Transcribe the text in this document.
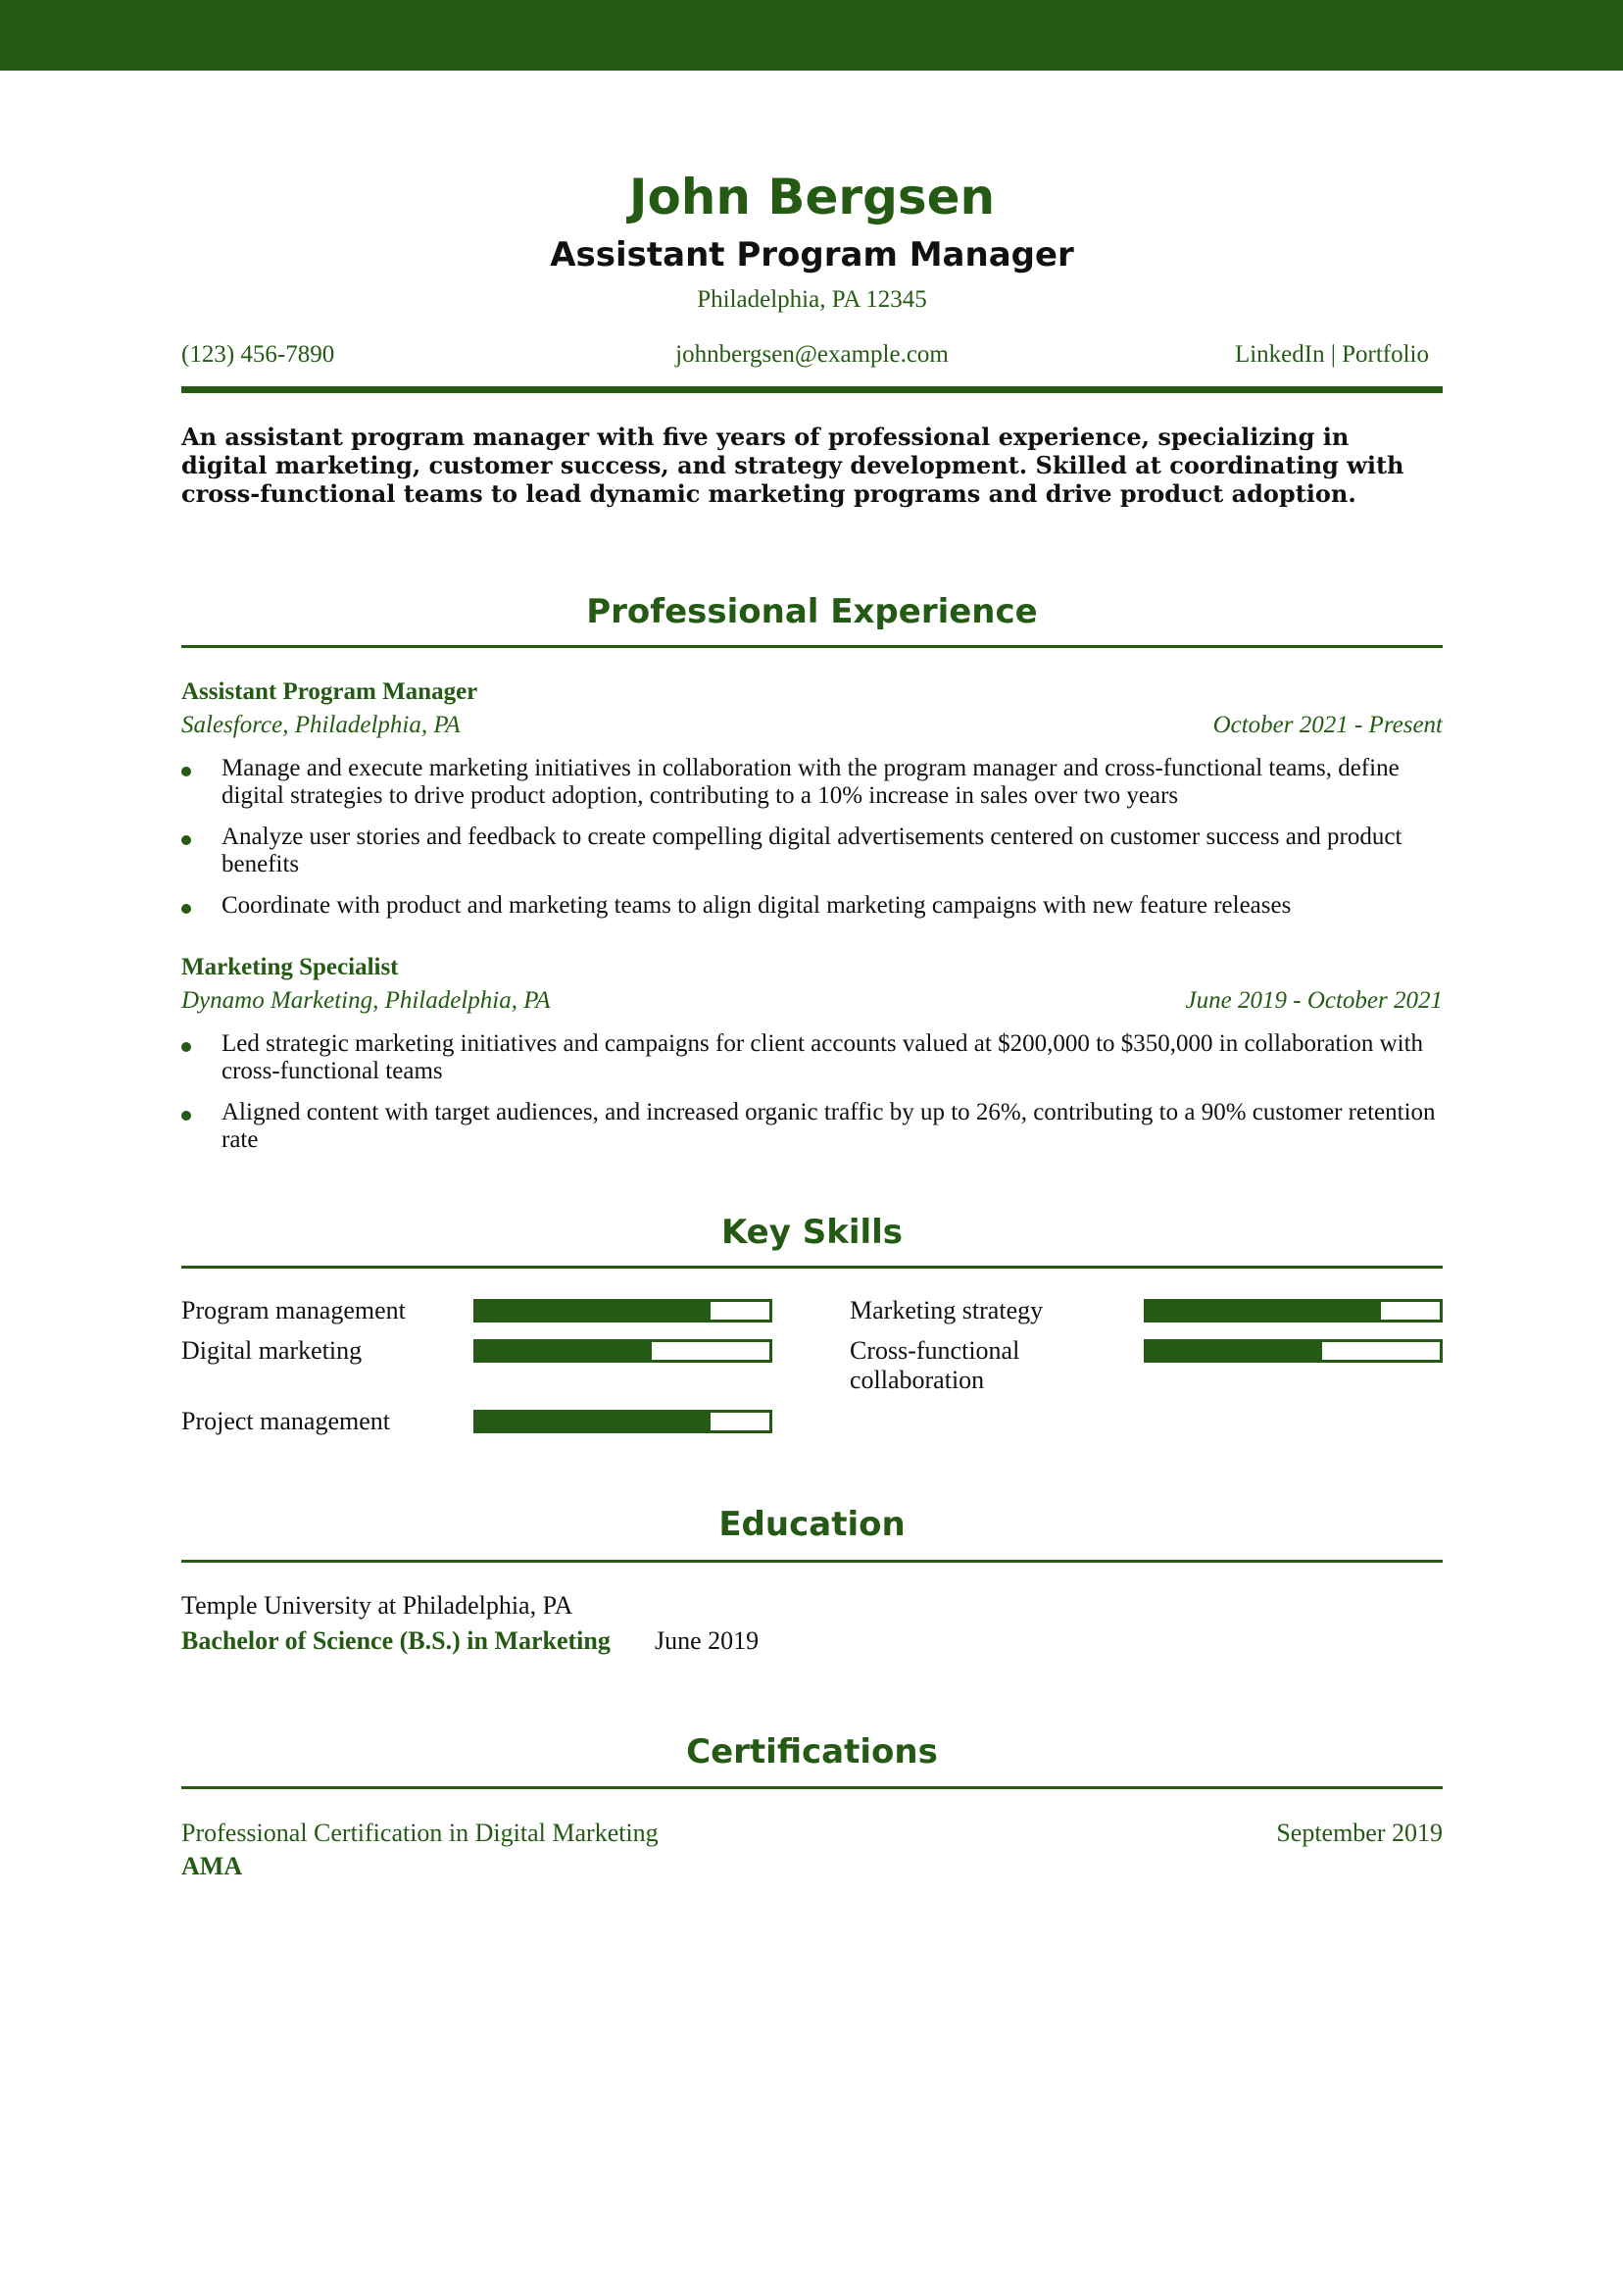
John Bergsen
Assistant Program Manager
Philadelphia, PA 12345
(123) 456-7890	johnbergsen@example.com	LinkedIn | Portfolio
An assistant program manager with five years of professional experience, specializing in digital marketing, customer success, and strategy development. Skilled at coordinating with cross-functional teams to lead dynamic marketing programs and drive product adoption.
Professional Experience
Assistant Program Manager
Salesforce, Philadelphia, PA	October 2021 - Present
Manage and execute marketing initiatives in collaboration with the program manager and cross-functional teams, define digital strategies to drive product adoption, contributing to a 10% increase in sales over two years
Analyze user stories and feedback to create compelling digital advertisements centered on customer success and product benefits
Coordinate with product and marketing teams to align digital marketing campaigns with new feature releases
Marketing Specialist
Dynamo Marketing, Philadelphia, PA	June 2019 - October 2021
Led strategic marketing initiatives and campaigns for client accounts valued at $200,000 to $350,000 in collaboration with cross-functional teams
Aligned content with target audiences, and increased organic traffic by up to 26%, contributing to a 90% customer retention rate
Key Skills
Program management	Marketing strategy
Digital marketing	Cross-functional collaboration
Project management
Education
Temple University at Philadelphia, PA
Bachelor of Science (B.S.) in Marketing June 2019
Certifications
Professional Certification in Digital Marketing	September 2019
AMA
